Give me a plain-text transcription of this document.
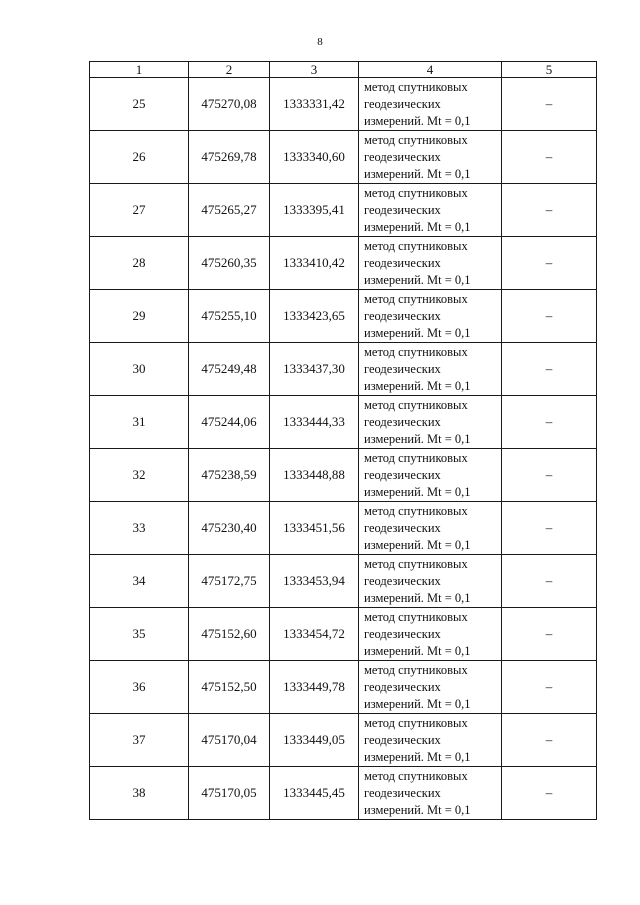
8
1	2	3	4	5
25	475270,08	1333331,42	метод спутниковых
геодезических
измерений. Mt = 0,1	–
26	475269,78	1333340,60	метод спутниковых
геодезических
измерений. Mt = 0,1	–
27	475265,27	1333395,41	метод спутниковых
геодезических
измерений. Mt = 0,1	–
28	475260,35	1333410,42	метод спутниковых
геодезических
измерений. Mt = 0,1	–
29	475255,10	1333423,65	метод спутниковых
геодезических
измерений. Mt = 0,1	–
30	475249,48	1333437,30	метод спутниковых
геодезических
измерений. Mt = 0,1	–
31	475244,06	1333444,33	метод спутниковых
геодезических
измерений. Mt = 0,1	–
32	475238,59	1333448,88	метод спутниковых
геодезических
измерений. Mt = 0,1	–
33	475230,40	1333451,56	метод спутниковых
геодезических
измерений. Mt = 0,1	–
34	475172,75	1333453,94	метод спутниковых
геодезических
измерений. Mt = 0,1	–
35	475152,60	1333454,72	метод спутниковых
геодезических
измерений. Mt = 0,1	–
36	475152,50	1333449,78	метод спутниковых
геодезических
измерений. Mt = 0,1	–
37	475170,04	1333449,05	метод спутниковых
геодезических
измерений. Mt = 0,1	–
38	475170,05	1333445,45	метод спутниковых
геодезических
измерений. Mt = 0,1	–
